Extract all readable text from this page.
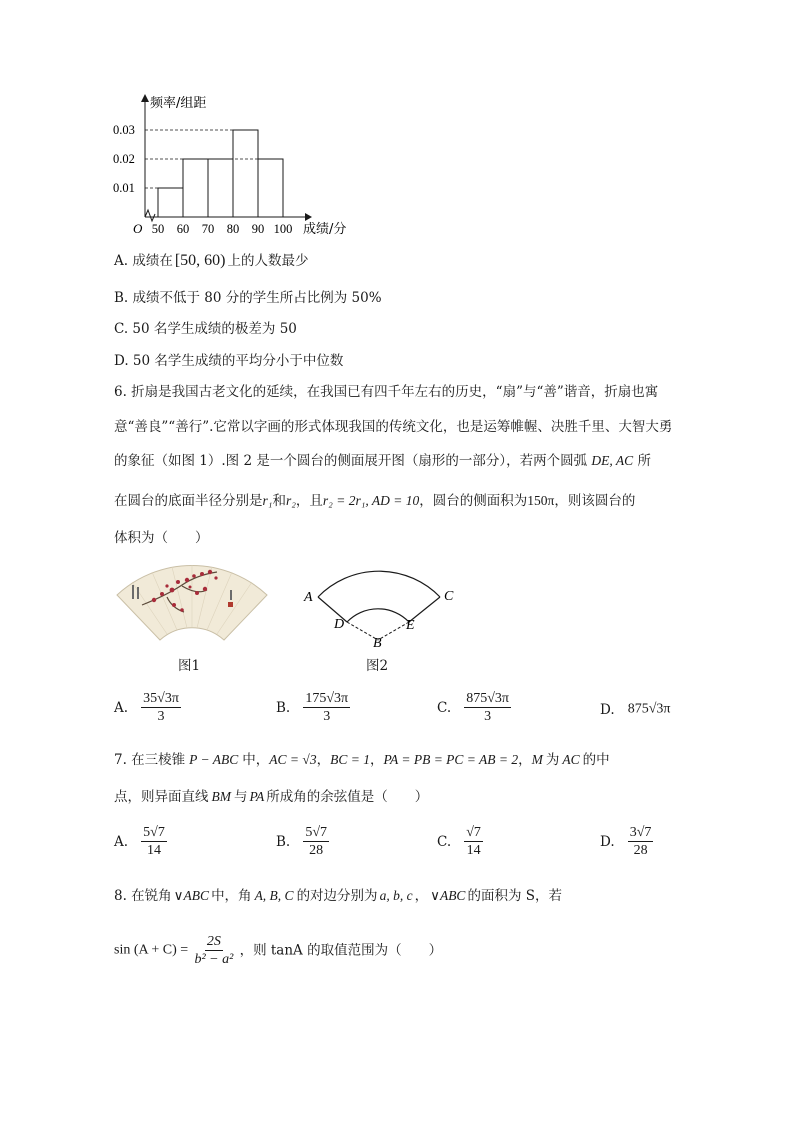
频率/组距
成绩/分
O
0.01
0.02
0.03
50 60 70 80 90 100
A. 成绩在 [50, 60) 上的人数最少
B. 成绩不低于 80 分的学生所占比例为 50%
C. 50 名学生成绩的极差为 50
D. 50 名学生成绩的平均分小于中位数
6. 折扇是我国古老文化的延续，在我国已有四千年左右的历史，“扇”与“善”谐音，折扇也寓
意“善良”“善行”.它常以字画的形式体现我国的传统文化，也是运筹帷幄、决胜千里、大智大勇
的象征（如图 1）.图 2 是一个圆台的侧面展开图（扇形的一部分），若两个圆弧 DE, AC 所
在圆台的底面半径分别是r₁和r₂，且r₂ = 2r₁, AD = 10，圆台的侧面积为150π，则该圆台的
体积为（　　）
图1
A	C
D	E
B
图2
A. $\frac{35√3\pi}{3}$	B. $\frac{175√3\pi}{3}$	C. $\frac{875√3\pi}{3}$	D. 875√3π
7. 在三棱锥 P − ABC 中，AC = √3，BC = 1，PA = PB = PC = AB = 2，M 为 AC 的中
点，则异面直线 BM 与 PA 所成角的余弦值是（　　）
A. $\frac{5√7}{14}$	B. $\frac{5√7}{28}$	C. $\frac{√7}{14}$	D. $\frac{3√7}{28}$
8. 在锐角 ∨ABC 中，角 A, B, C 的对边分别为 a, b, c ， ∨ABC 的面积为 S，若
$\sin (A + C) = \frac{2S}{\text{b² − a²}}$ ，则 tanA 的取值范围为（　　）
